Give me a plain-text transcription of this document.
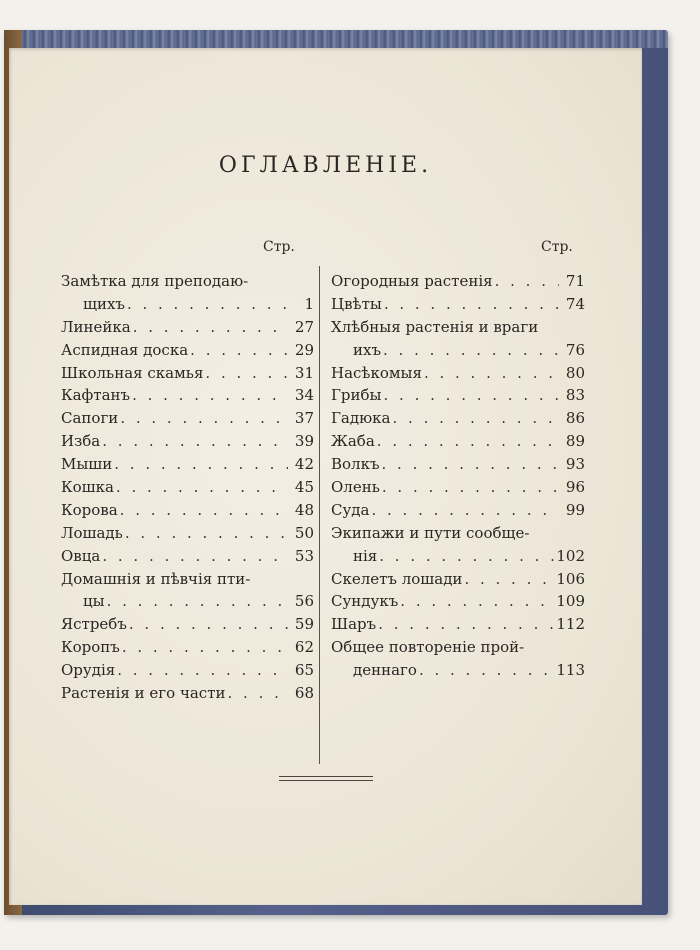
ОГЛАВЛЕНІЕ.
Стр.	Стр.
Замѣтка для преподаю-
щихъ . . .	1
Линейка . . .	27
Аспидная доска . . .	29
Школьная скамья . . .	31
Кафтанъ . . .	34
Сапоги . . .	37
Изба . . .	39
Мыши . . .	42
Кошка . . .	45
Корова . . .	48
Лошадь . . .	50
Овца . . .	53
Домашнія и пѣвчія пти-
цы . . .	56
Ястребъ . . .	59
Коропъ . . .	62
Орудія . . .	65
Растенія и его части . . .	68
Огородныя растенія . . .	71
Цвѣты . . .	74
Хлѣбныя растенія и враги
ихъ . . .	76
Насѣкомыя . . .	80
Грибы . . .	83
Гадюка . . .	86
Жаба . . .	89
Волкъ . . .	93
Олень . . .	96
Суда . . .	99
Экипажи и пути сообще-
нія . . .	102
Скелетъ лошади . . .	106
Сундукъ . . .	109
Шаръ . . .	112
Общее повтореніе прой-
деннаго . . .	113
